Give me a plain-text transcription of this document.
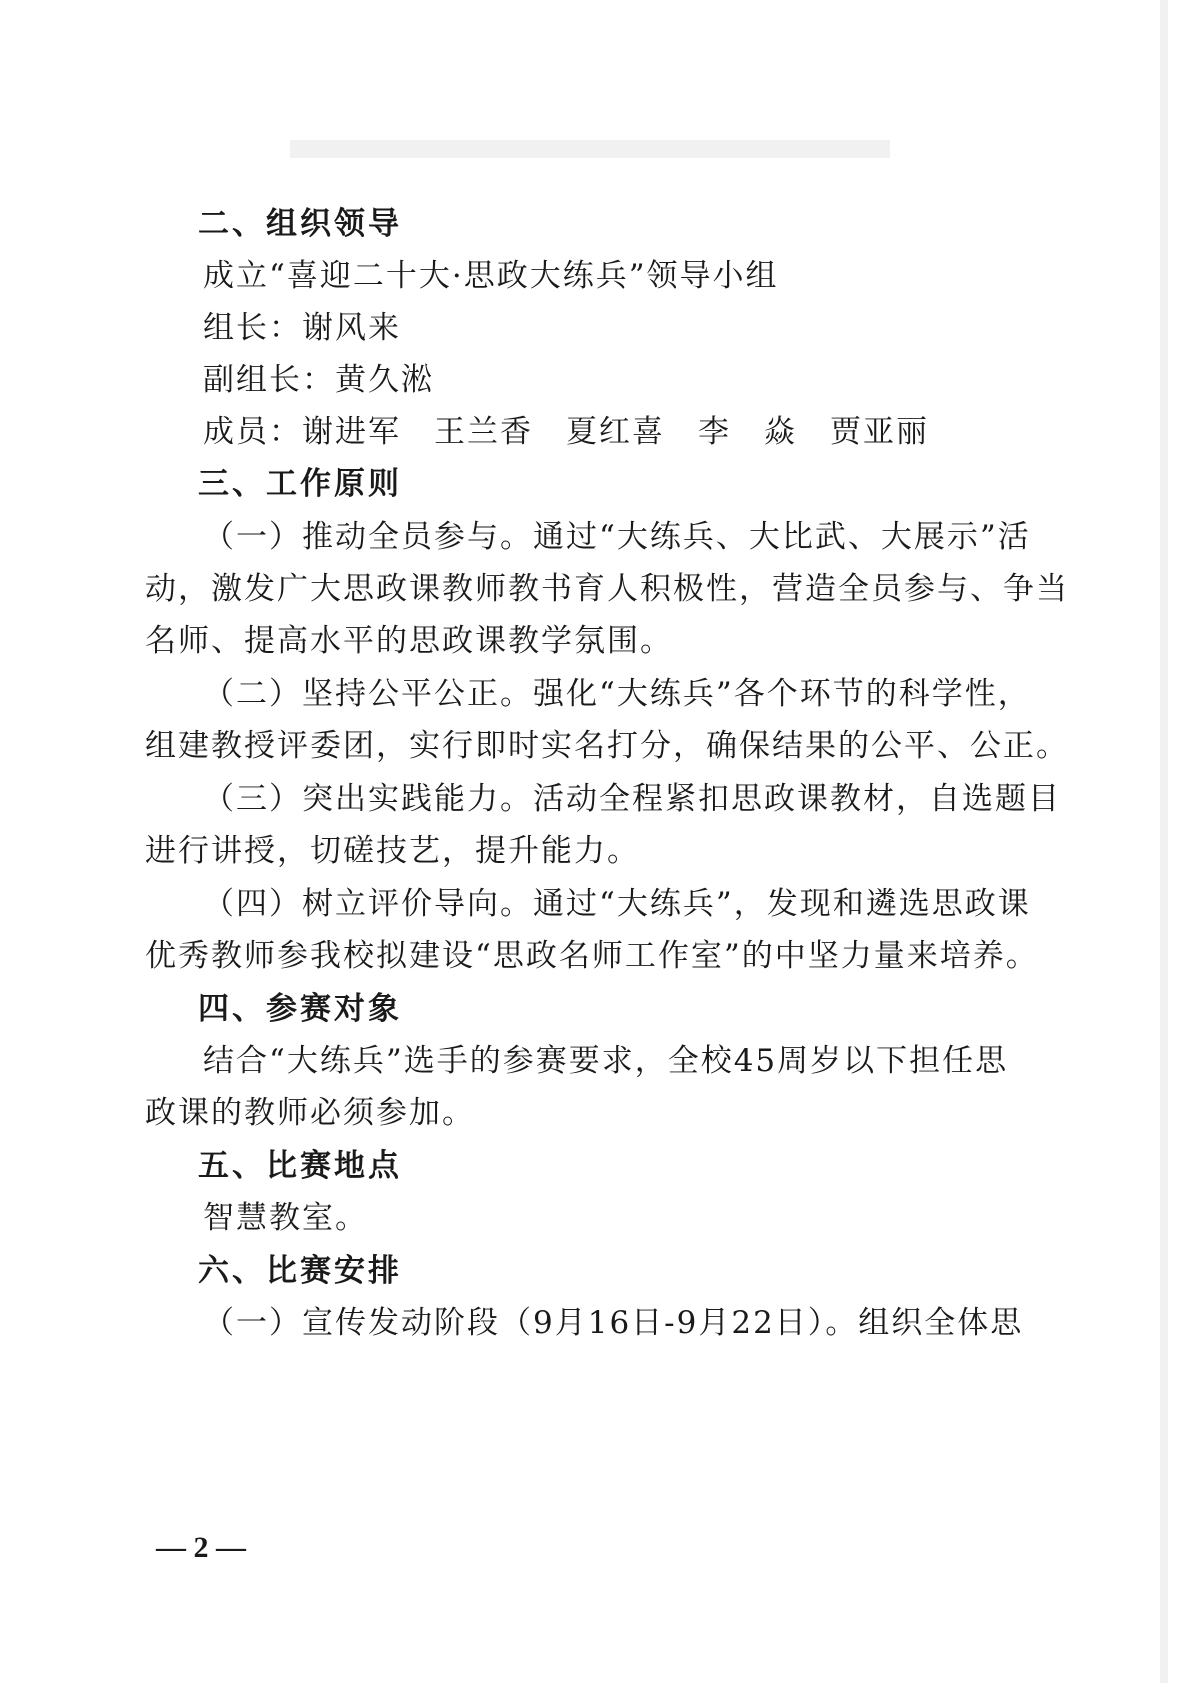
二、组织领导
成立“喜迎二十大·思政大练兵”领导小组
组长：谢风来
副组长：黄久淞
成员：谢进军　王兰香　夏红喜　李　焱　贾亚丽
三、工作原则
（一）推动全员参与。通过“大练兵、大比武、大展示”活
动，激发广大思政课教师教书育人积极性，营造全员参与、争当
名师、提高水平的思政课教学氛围。
（二）坚持公平公正。强化“大练兵”各个环节的科学性，
组建教授评委团，实行即时实名打分，确保结果的公平、公正。
（三）突出实践能力。活动全程紧扣思政课教材，自选题目
进行讲授，切磋技艺，提升能力。
（四）树立评价导向。通过“大练兵”，发现和遴选思政课
优秀教师参我校拟建设“思政名师工作室”的中坚力量来培养。
四、参赛对象
结合“大练兵”选手的参赛要求，全校45周岁以下担任思
政课的教师必须参加。
五、比赛地点
智慧教室。
六、比赛安排
（一）宣传发动阶段（9月16日-9月22日）。组织全体思
— 2 —
